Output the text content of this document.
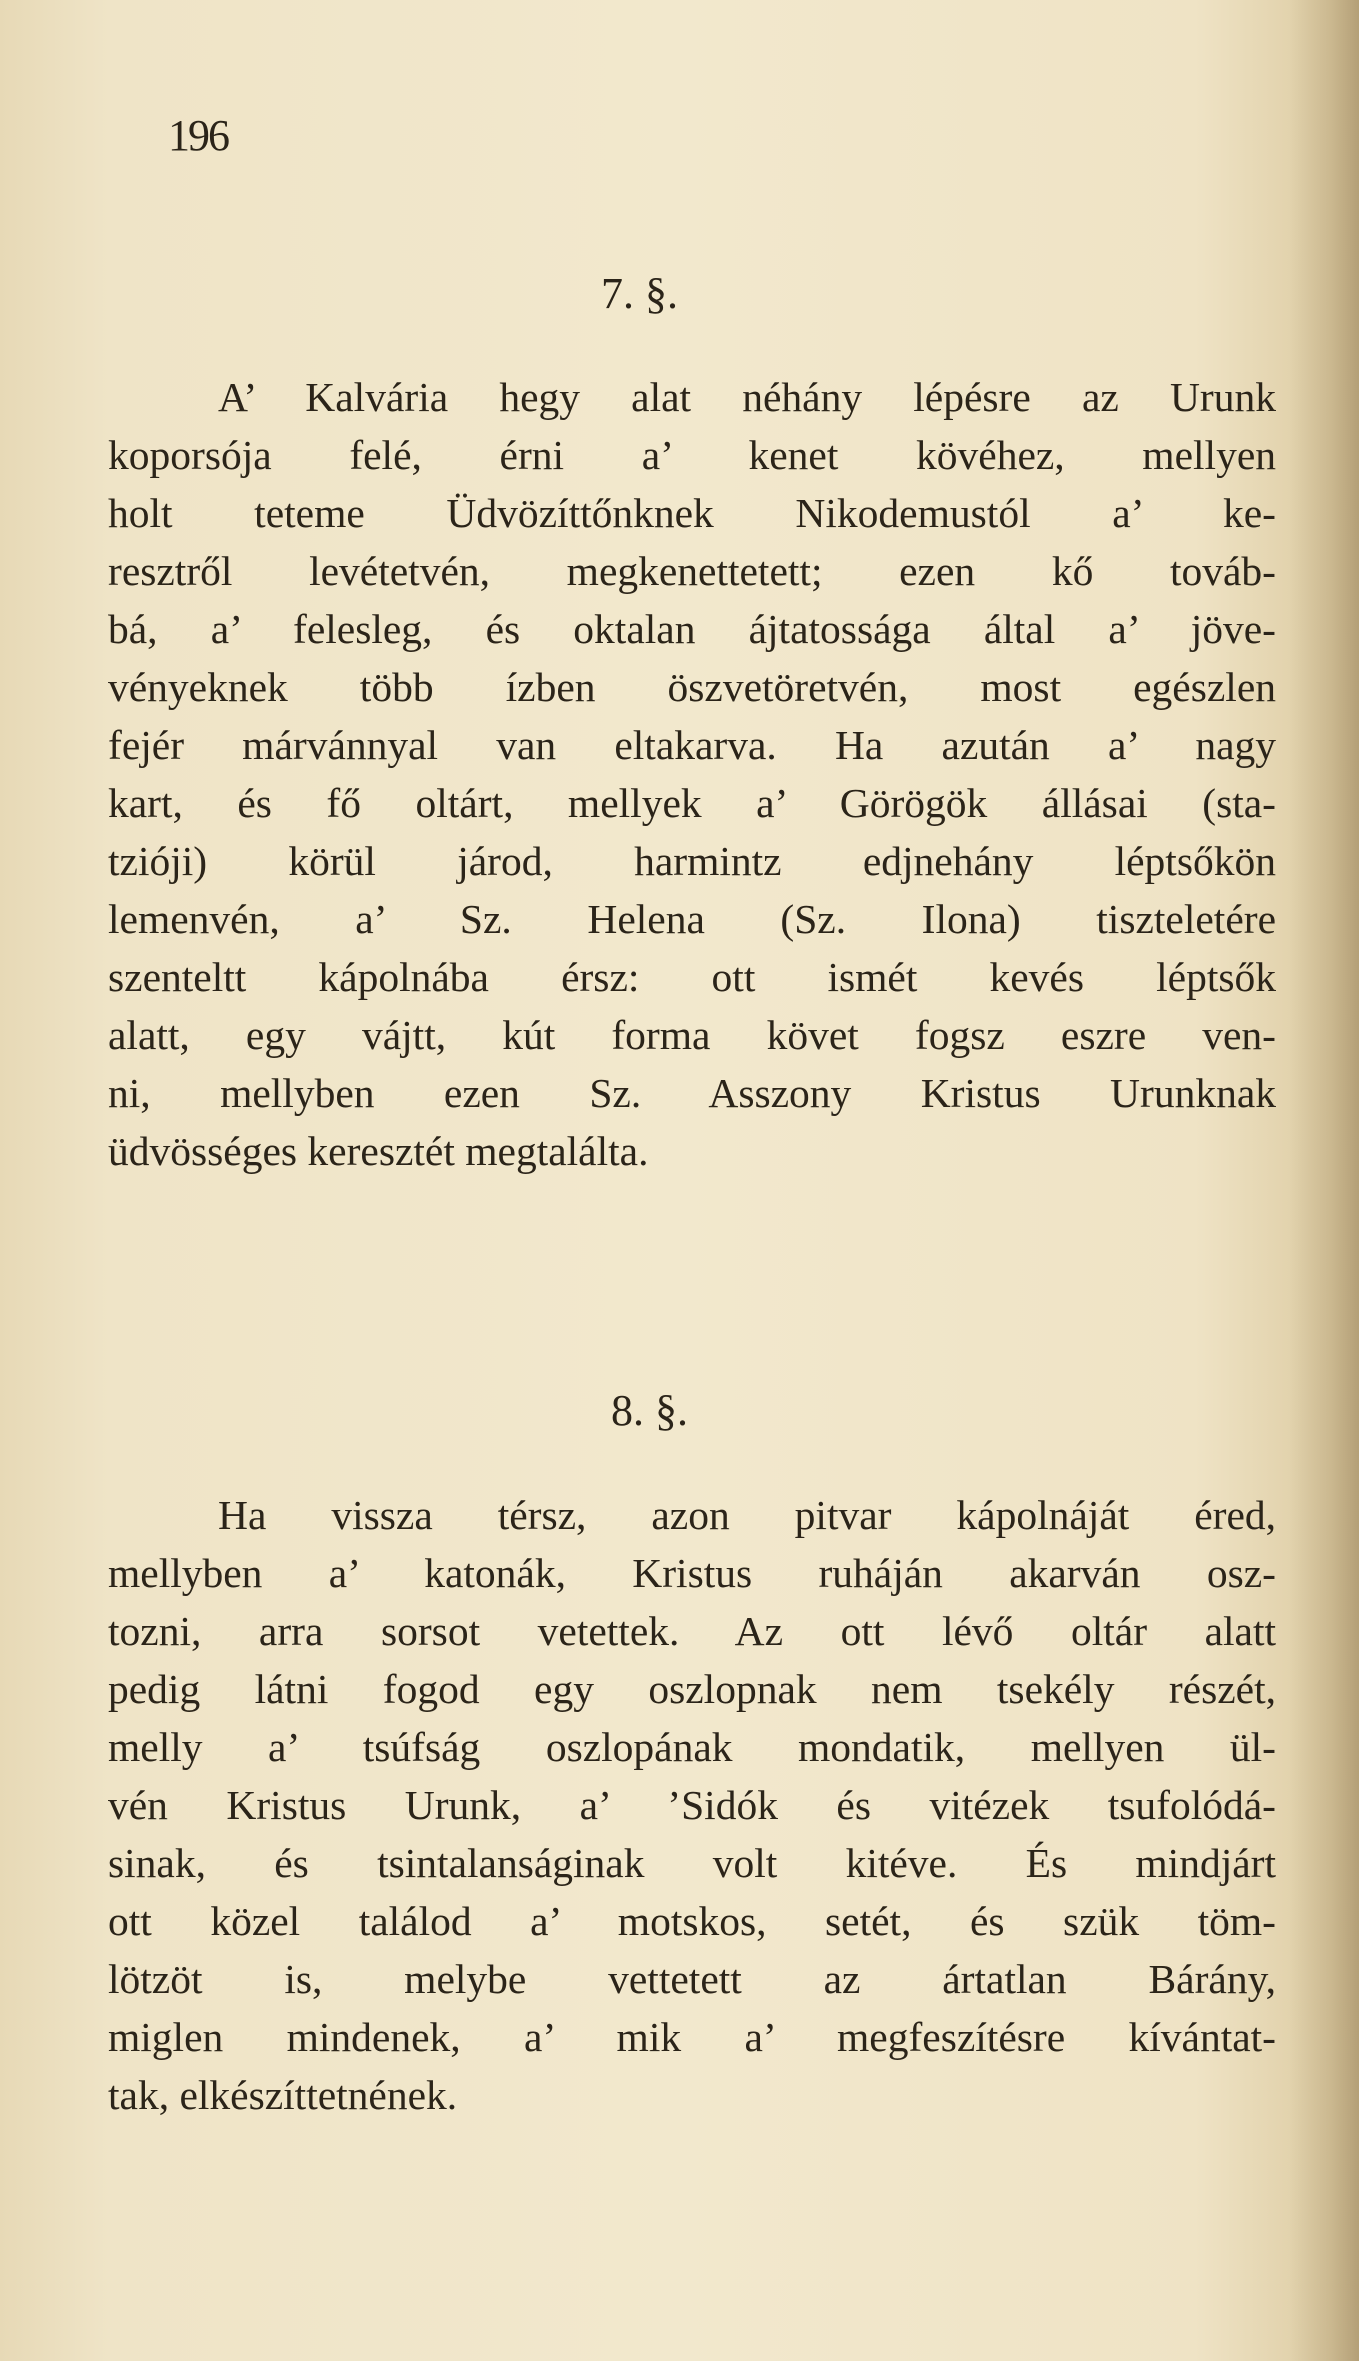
196
7. §.
A’ Kalvária hegy alat néhány lépésre az Urunk
koporsója felé, érni a’ kenet kövéhez, mellyen
holt teteme Üdvözíttőnknek Nikodemustól a’ ke-
resztről levétetvén, megkenettetett; ezen kő továb-
bá, a’ felesleg, és oktalan ájtatossága által a’ jöve-
vényeknek több ízben öszvetöretvén, most egészlen
fejér márvánnyal van eltakarva. Ha azután a’ nagy
kart, és fő oltárt, mellyek a’ Görögök állásai (sta-
tzióji) körül járod, harmintz edjnehány léptsőkön
lemenvén, a’ Sz. Helena (Sz. Ilona) tiszteletére
szenteltt kápolnába érsz: ott ismét kevés léptsők
alatt, egy vájtt, kút forma követ fogsz eszre ven-
ni, mellyben ezen Sz. Asszony Kristus Urunknak
üdvösséges keresztét megtalálta.
8. §.
Ha vissza térsz, azon pitvar kápolnáját éred,
mellyben a’ katonák, Kristus ruháján akarván osz-
tozni, arra sorsot vetettek. Az ott lévő oltár alatt
pedig látni fogod egy oszlopnak nem tsekély részét,
melly a’ tsúfság oszlopának mondatik, mellyen ül-
vén Kristus Urunk, a’ ’Sidók és vitézek tsufolódá-
sinak, és tsintalanságinak volt kitéve. És mindjárt
ott közel találod a’ motskos, setét, és szük töm-
lötzöt is, melybe vettetett az ártatlan Bárány,
miglen mindenek, a’ mik a’ megfeszítésre kívántat-
tak, elkészíttetnének.
